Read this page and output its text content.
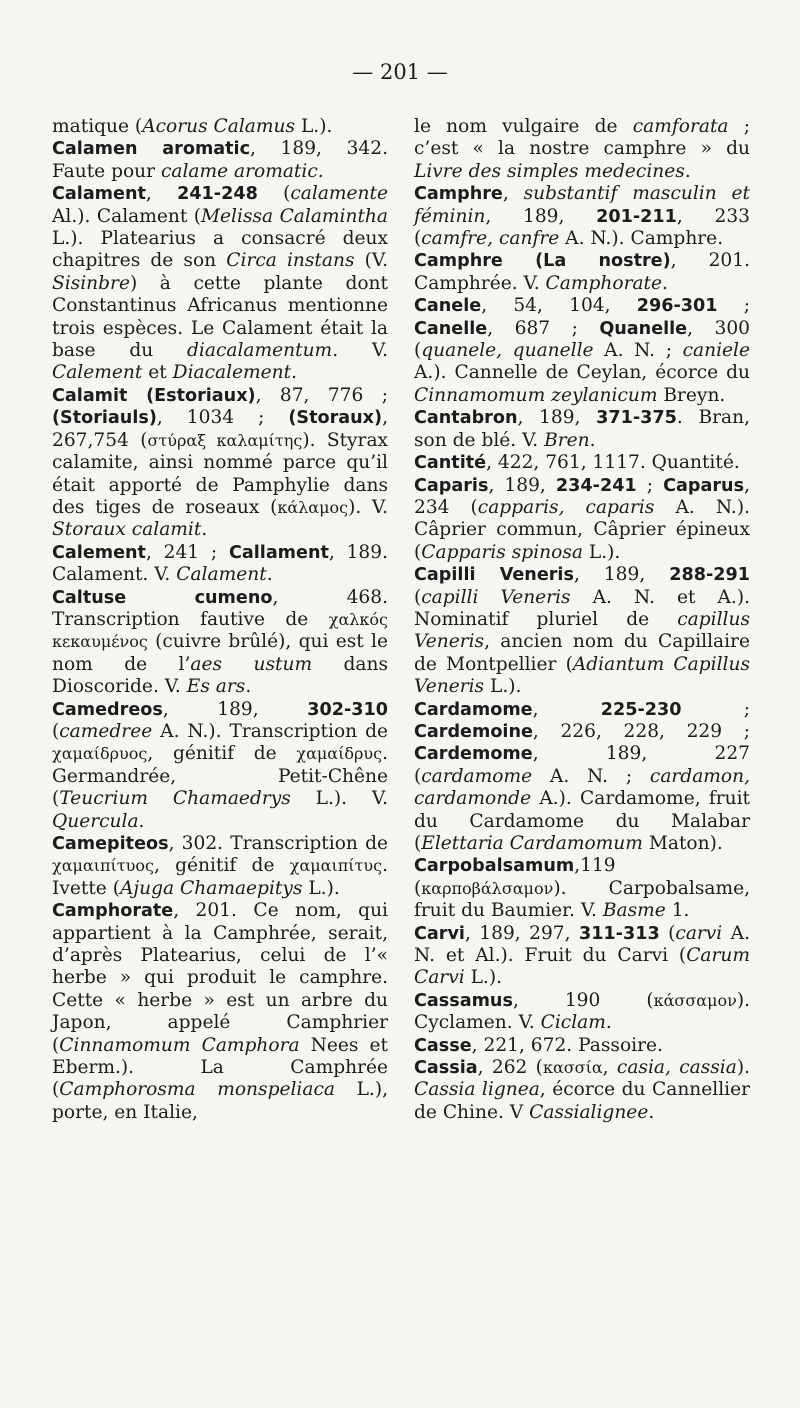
— 201 —

matique (Acorus Calamus L.).

Calamen aromatic, 189, 342. Faute pour calame aromatic.

Calament, 241-248 (calamente Al.). Calament (Melissa Calamintha L.). Platearius a consacré deux chapitres de son Circa instans (V. Sisinbre) à cette plante dont Constantinus Africanus mentionne trois espèces. Le Calament était la base du diacalamentum. V. Calement et Diacalement.

Calamit (Estoriaux), 87, 776 ; (Storiauls), 1034 ; (Storaux), 267,754 (στύραξ καλαμίτης). Styrax calamite, ainsi nommé parce qu’il était apporté de Pamphylie dans des tiges de roseaux (κάλαμος). V. Storaux calamit.

Calement, 241 ; Callament, 189. Calament. V. Calament.

Caltuse cumeno, 468. Transcription fautive de χαλκός κεκαυμένος (cuivre brûlé), qui est le nom de l’aes ustum dans Dioscoride. V. Es ars.

Camedreos, 189, 302-310 (camedree A. N.). Transcription de χαμαίδρυος, génitif de χαμαίδρυς. Germandrée, Petit-Chêne (Teucrium Chamaedrys L.). V. Quercula.

Camepiteos, 302. Transcription de χαμαιπίτυος, génitif de χαμαιπίτυς. Ivette (Ajuga Chamaepitys L.).

Camphorate, 201. Ce nom, qui appartient à la Camphrée, serait, d’après Platearius, celui de l’« herbe » qui produit le camphre. Cette « herbe » est un arbre du Japon, appelé Camphrier (Cinnamomum Camphora Nees et Eberm.). La Camphrée (Camphorosma monspeliaca L.), porte, en Italie,

le nom vulgaire de camforata ; c’est « la nostre camphre » du Livre des simples medecines.

Camphre, substantif masculin et féminin, 189, 201-211, 233 (camfre, canfre A. N.). Camphre.

Camphre (La nostre), 201. Camphrée. V. Camphorate.

Canele, 54, 104, 296-301 ; Canelle, 687 ; Quanelle, 300 (quanele, quanelle A. N. ; caniele A.). Cannelle de Ceylan, écorce du Cinnamomum zeylanicum Breyn.

Cantabron, 189, 371-375. Bran, son de blé. V. Bren.

Cantité, 422, 761, 1117. Quantité.

Caparis, 189, 234-241 ; Caparus, 234 (capparis, caparis A. N.). Câprier commun, Câprier épineux (Capparis spinosa L.).

Capilli Veneris, 189, 288-291 (capilli Veneris A. N. et A.). Nominatif pluriel de capillus Veneris, ancien nom du Capillaire de Montpellier (Adiantum Capillus Veneris L.).

Cardamome, 225-230 ; Cardemoine, 226, 228, 229 ; Cardemome, 189, 227 (cardamome A. N. ; cardamon, cardamonde A.). Cardamome, fruit du Cardamome du Malabar (Elettaria Cardamomum Maton).

Carpobalsamum,119 (καρποβάλσαμον). Carpobalsame, fruit du Baumier. V. Basme 1.

Carvi, 189, 297, 311-313 (carvi A. N. et Al.). Fruit du Carvi (Carum Carvi L.).

Cassamus, 190 (κάσσαμον). Cyclamen. V. Ciclam.

Casse, 221, 672. Passoire.

Cassia, 262 (κασσία, casia, cassia). Cassia lignea, écorce du Cannellier de Chine. V Cassialignee.
